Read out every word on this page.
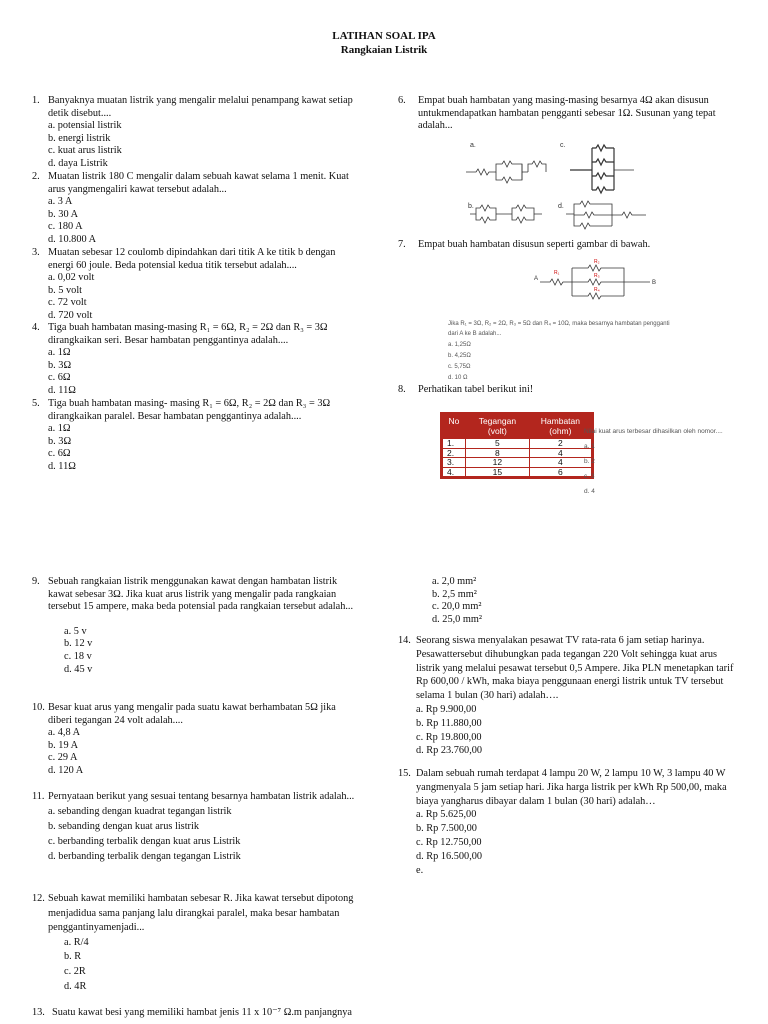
LATIHAN SOAL IPA
Rangkaian Listrik
1. Banyaknya muatan listrik yang mengalir melalui penampang kawat setiap detik disebut....
a. potensial listrik
b. energi listrik
c. kuat arus listrik
d. daya Listrik
2. Muatan listrik 180 C mengalir dalam sebuah kawat selama 1 menit. Kuat arus yangmengaliri kawat tersebut adalah...
a. 3 A
b. 30 A
c. 180 A
d. 10.800 A
3. Muatan sebesar 12 coulomb dipindahkan dari titik A ke titik b dengan energi 60 joule. Beda potensial kedua titik tersebut adalah....
a. 0,02 volt
b. 5 volt
c. 72 volt
d. 720 volt
4. Tiga buah hambatan masing-masing R₁ = 6Ω, R₂ = 2Ω dan R₃ = 3Ω dirangkaikan seri. Besar hambatan penggantinya adalah....
a. 1Ω
b. 3Ω
c. 6Ω
d. 11Ω
5. Tiga buah hambatan masing- masing R₁ = 6Ω, R₂ = 2Ω dan R₃ = 3Ω dirangkaikan paralel. Besar hambatan penggantinya adalah....
a. 1Ω
b. 3Ω
c. 6Ω
d. 11Ω
6. Empat buah hambatan yang masing-masing besarnya 4Ω akan disusun untukmendapatkan hambatan pengganti sebesar 1Ω. Susunan yang tepat adalah...
a.
b.
c.
d.
7. Empat buah hambatan disusun seperti gambar di bawah.
A
B
R₁
R₂
R₃
R₄
Jika R₁ = 3Ω, R₂ = 2Ω, R₃ = 5Ω dan R₄ = 10Ω, maka besarnya hambatan pengganti
dari A ke B adalah...
a. 1,25Ω
b. 4,25Ω
c. 5,75Ω
d. 10 Ω
8. Perhatikan tabel berikut ini!
No	Tegangan (volt)	Hambatan (ohm)
1.	5	2
2.	8	4
3.	12	4
4.	15	6
Nilai kuat arus terbesar dihasilkan oleh nomor....
a. 1
b. 2
c. 3
d. 4
9. Sebuah rangkaian listrik menggunakan kawat dengan hambatan listrik kawat sebesar 3Ω. Jika kuat arus listrik yang mengalir pada rangkaian tersebut 15 ampere, maka beda potensial pada rangkaian tersebut adalah...
a. 5 v
b. 12 v
c. 18 v
d. 45 v
10. Besar kuat arus yang mengalir pada suatu kawat berhambatan 5Ω jika diberi tegangan 24 volt adalah....
a. 4,8 A
b. 19 A
c. 29 A
d. 120 A
11. Pernyataan berikut yang sesuai tentang besarnya hambatan listrik adalah...
a. sebanding dengan kuadrat tegangan listrik
b. sebanding dengan kuat arus listrik
c. berbanding terbalik dengan kuat arus Listrik
d. berbanding terbalik dengan tegangan Listrik
12. Sebuah kawat memiliki hambatan sebesar R. Jika kawat tersebut dipotong menjadidua sama panjang lalu dirangkai paralel, maka besar hambatan penggantinyamenjadi...
a. R/4
b. R
c. 2R
d. 4R
13. Suatu kawat besi yang memiliki hambat jenis 11 x 10⁻⁷ Ω.m panjangnya
a. 2,0 mm²
b. 2,5 mm²
c. 20,0 mm²
d. 25,0 mm²
14. Seorang siswa menyalakan pesawat TV rata-rata 6 jam setiap harinya. Pesawattersebut dihubungkan pada tegangan 220 Volt sehingga kuat arus listrik yang melalui pesawat tersebut 0,5 Ampere. Jika PLN menetapkan tarif Rp 600,00 / kWh, maka biaya penggunaan energi listrik untuk TV tersebut selama 1 bulan (30 hari) adalah….
a. Rp 9.900,00
b. Rp 11.880,00
c. Rp 19.800,00
d. Rp 23.760,00
15. Dalam sebuah rumah terdapat 4 lampu 20 W, 2 lampu 10 W, 3 lampu 40 W yangmenyala 5 jam setiap hari. Jika harga listrik per kWh Rp 500,00, maka biaya yangharus dibayar dalam 1 bulan (30 hari) adalah…
a. Rp 5.625,00
b. Rp 7.500,00
c. Rp 12.750,00
d. Rp 16.500,00
e.
